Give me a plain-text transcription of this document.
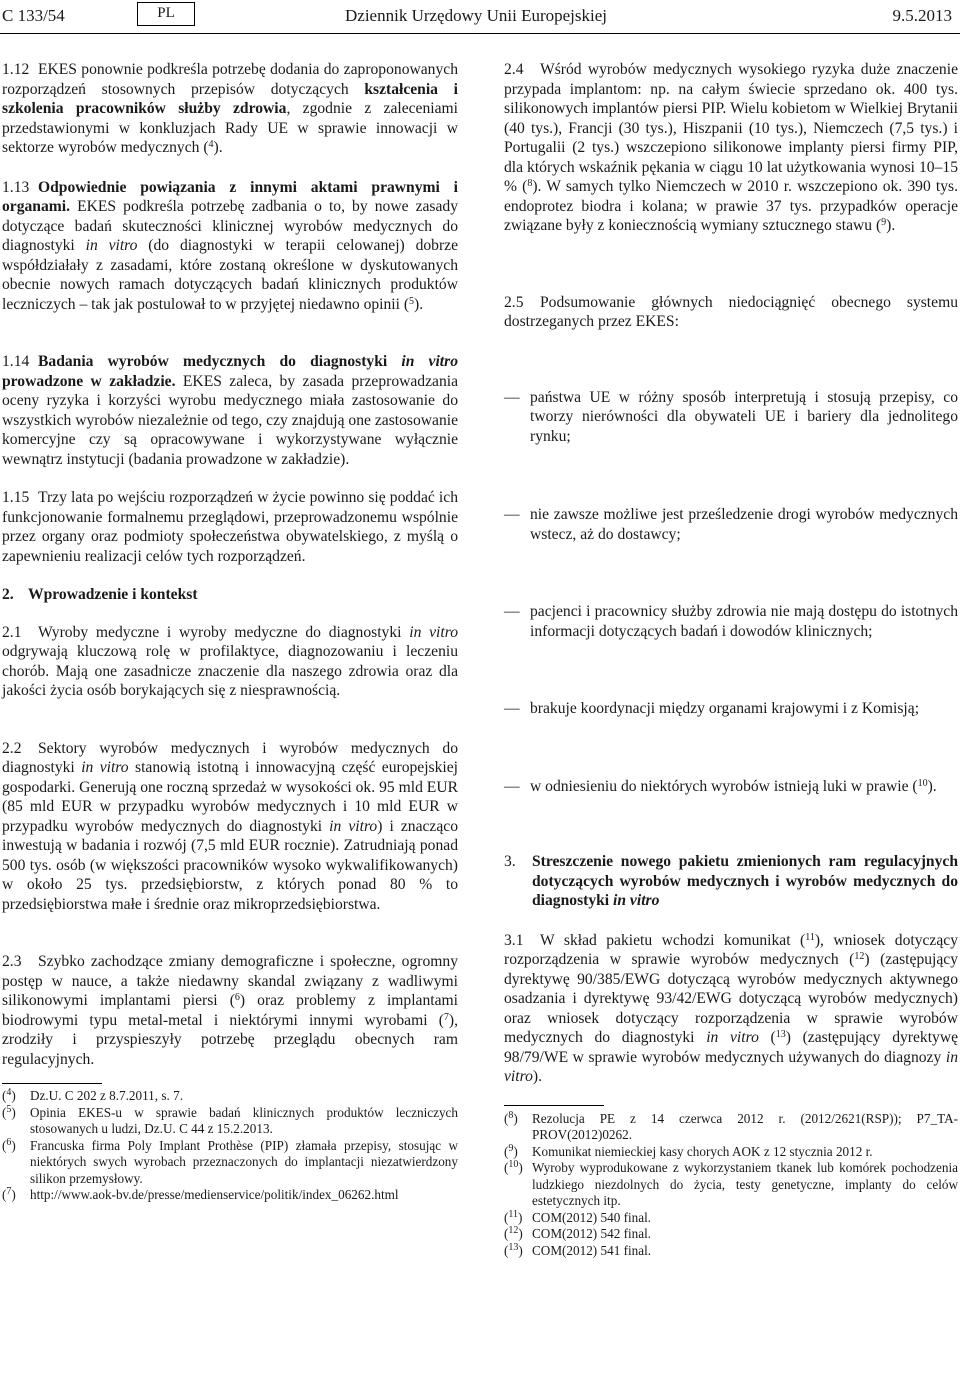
C 133/54	PL	Dziennik Urzędowy Unii Europejskiej	9.5.2013

1.12 EKES ponownie podkreśla potrzebę dodania do zaproponowanych rozporządzeń stosownych przepisów dotyczących kształcenia i szkolenia pracowników służby zdrowia, zgodnie z zaleceniami przedstawionymi w konkluzjach Rady UE w sprawie innowacji w sektorze wyrobów medycznych ($^4$).

1.13 Odpowiednie powiązania z innymi aktami prawnymi i organami. EKES podkreśla potrzebę zadbania o to, by nowe zasady dotyczące badań skuteczności klinicznej wyrobów medycznych do diagnostyki in vitro (do diagnostyki w terapii celowanej) dobrze współdziałały z zasadami, które zostaną określone w dyskutowanych obecnie nowych ramach dotyczących badań klinicznych produktów leczniczych – tak jak postulował to w przyjętej niedawno opinii ($^5$).

1.14 Badania wyrobów medycznych do diagnostyki in vitro prowadzone w zakładzie. EKES zaleca, by zasada przeprowadzania oceny ryzyka i korzyści wyrobu medycznego miała zastosowanie do wszystkich wyrobów niezależnie od tego, czy znajdują one zastosowanie komercyjne czy są opracowywane i wykorzystywane wyłącznie wewnątrz instytucji (badania prowadzone w zakładzie).

1.15 Trzy lata po wejściu rozporządzeń w życie powinno się poddać ich funkcjonowanie formalnemu przeglądowi, przeprowadzonemu wspólnie przez organy oraz podmioty społeczeństwa obywatelskiego, z myślą o zapewnieniu realizacji celów tych rozporządzeń.

2. Wprowadzenie i kontekst

2.1 Wyroby medyczne i wyroby medyczne do diagnostyki in vitro odgrywają kluczową rolę w profilaktyce, diagnozowaniu i leczeniu chorób. Mają one zasadnicze znaczenie dla naszego zdrowia oraz dla jakości życia osób borykających się z niesprawnością.

2.2 Sektory wyrobów medycznych i wyrobów medycznych do diagnostyki in vitro stanowią istotną i innowacyjną część europejskiej gospodarki. Generują one roczną sprzedaż w wysokości ok. 95 mld EUR (85 mld EUR w przypadku wyrobów medycznych i 10 mld EUR w przypadku wyrobów medycznych do diagnostyki in vitro) i znacząco inwestują w badania i rozwój (7,5 mld EUR rocznie). Zatrudniają ponad 500 tys. osób (w większości pracowników wysoko wykwalifikowanych) w około 25 tys. przedsiębiorstw, z których ponad 80 % to przedsiębiorstwa małe i średnie oraz mikroprzedsiębiorstwa.

2.3 Szybko zachodzące zmiany demograficzne i społeczne, ogromny postęp w nauce, a także niedawny skandal związany z wadliwymi silikonowymi implantami piersi ($^6$) oraz problemy z implantami biodrowymi typu metal-metal i niektórymi innymi wyrobami ($^7$), zrodziły i przyspieszyły potrzebę przeglądu obecnych ram regulacyjnych.

($^4$) Dz.U. C 202 z 8.7.2011, s. 7.
($^5$) Opinia EKES-u w sprawie badań klinicznych produktów leczniczych stosowanych u ludzi, Dz.U. C 44 z 15.2.2013.
($^6$) Francuska firma Poly Implant Prothèse (PIP) złamała przepisy, stosując w niektórych swych wyrobach przeznaczonych do implantacji niezatwierdzony silikon przemysłowy.
($^7$) http://www.aok-bv.de/presse/medienservice/politik/index_06262.html

2.4 Wśród wyrobów medycznych wysokiego ryzyka duże znaczenie przypada implantom: np. na całym świecie sprzedano ok. 400 tys. silikonowych implantów piersi PIP. Wielu kobietom w Wielkiej Brytanii (40 tys.), Francji (30 tys.), Hiszpanii (10 tys.), Niemczech (7,5 tys.) i Portugalii (2 tys.) wszczepiono silikonowe implanty piersi firmy PIP, dla których wskaźnik pękania w ciągu 10 lat użytkowania wynosi 10–15 % ($^8$). W samych tylko Niemczech w 2010 r. wszczepiono ok. 390 tys. endoprotez biodra i kolana; w prawie 37 tys. przypadków operacje związane były z koniecznością wymiany sztucznego stawu ($^9$).

2.5 Podsumowanie głównych niedociągnięć obecnego systemu dostrzeganych przez EKES:

— państwa UE w różny sposób interpretują i stosują przepisy, co tworzy nierówności dla obywateli UE i bariery dla jednolitego rynku;
— nie zawsze możliwe jest prześledzenie drogi wyrobów medycznych wstecz, aż do dostawcy;
— pacjenci i pracownicy służby zdrowia nie mają dostępu do istotnych informacji dotyczących badań i dowodów klinicznych;
— brakuje koordynacji między organami krajowymi i z Komisją;
— w odniesieniu do niektórych wyrobów istnieją luki w prawie ($^{10}$).
3. Streszczenie nowego pakietu zmienionych ram regulacyjnych dotyczących wyrobów medycznych i wyrobów medycznych do diagnostyki in vitro

3.1 W skład pakietu wchodzi komunikat ($^{11}$), wniosek dotyczący rozporządzenia w sprawie wyrobów medycznych ($^{12}$) (zastępujący dyrektywę 90/385/EWG dotyczącą wyrobów medycznych aktywnego osadzania i dyrektywę 93/42/EWG dotyczącą wyrobów medycznych) oraz wniosek dotyczący rozporządzenia w sprawie wyrobów medycznych do diagnostyki in vitro ($^{13}$) (zastępujący dyrektywę 98/79/WE w sprawie wyrobów medycznych używanych do diagnozy in vitro).

($^8$) Rezolucja PE z 14 czerwca 2012 r. (2012/2621(RSP)); P7_TA-PROV(2012)0262.
($^9$) Komunikat niemieckiej kasy chorych AOK z 12 stycznia 2012 r.
($^{10}$) Wyroby wyprodukowane z wykorzystaniem tkanek lub komórek pochodzenia ludzkiego niezdolnych do życia, testy genetyczne, implanty do celów estetycznych itp.
($^{11}$) COM(2012) 540 final.
($^{12}$) COM(2012) 542 final.
($^{13}$) COM(2012) 541 final.
